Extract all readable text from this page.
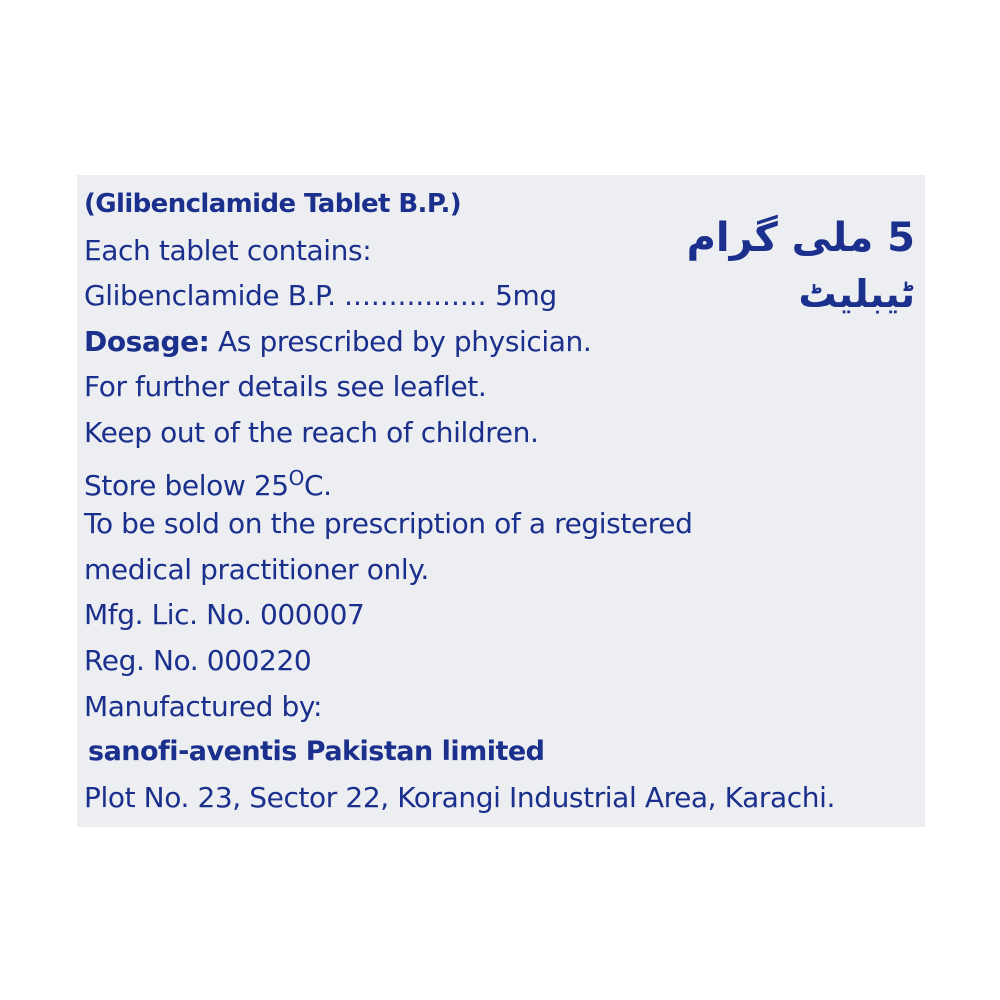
(Glibenclamide Tablet B.P.)
Each tablet contains:
Glibenclamide B.P. ................ 5mg
Dosage: As prescribed by physician.
For further details see leaflet.
Keep out of the reach of children.
Store below $25^OC$.
To be sold on the prescription of a registered
medical practitioner only.
Mfg. Lic. No. 000007
Reg. No. 000220
Manufactured by:
sanofi-aventis Pakistan limited
Plot No. 23, Sector 22, Korangi Industrial Area, Karachi.
5 ملی گرام
ٹیبلیٹ
